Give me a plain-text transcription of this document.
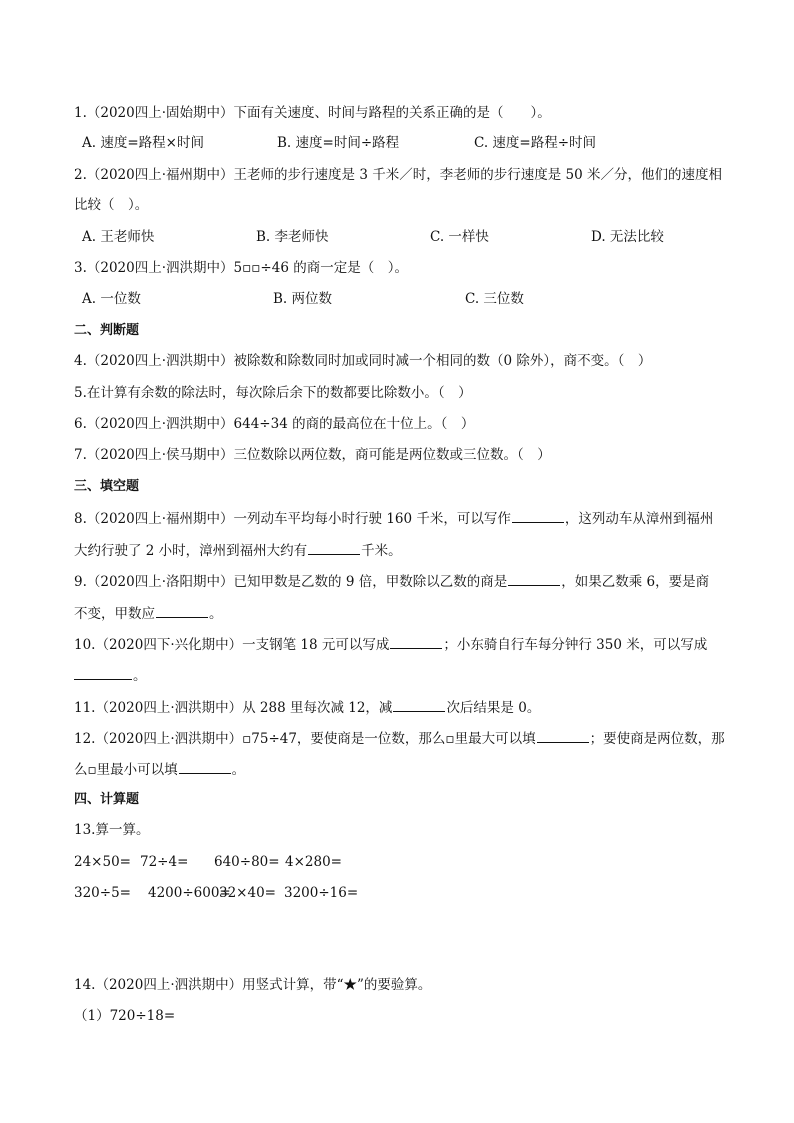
1.（2020四上·固始期中）下面有关速度、时间与路程的关系正确的是（　　）。
A. 速度=路程×时间	B. 速度=时间÷路程	C. 速度=路程÷时间
2.（2020四上·福州期中）王老师的步行速度是 3 千米／时，李老师的步行速度是 50 米／分，他们的速度相
比较（　）。
A. 王老师快	B. 李老师快	C. 一样快	D. 无法比较
3.（2020四上·泗洪期中）5▫▫÷46 的商一定是（　）。
A. 一位数	B. 两位数	C. 三位数
二、判断题
4.（2020四上·泗洪期中）被除数和除数同时加或同时减一个相同的数（0 除外），商不变。（　）
5.在计算有余数的除法时，每次除后余下的数都要比除数小。（　）
6.（2020四上·泗洪期中）644÷34 的商的最高位在十位上。（　）
7.（2020四上·侯马期中）三位数除以两位数，商可能是两位数或三位数。（　）
三、填空题
8.（2020四上·福州期中）一列动车平均每小时行驶 160 千米，可以写作	，这列动车从漳州到福州
大约行驶了 2 小时，漳州到福州大约有	千米。
9.（2020四上·洛阳期中）已知甲数是乙数的 9 倍，甲数除以乙数的商是	，如果乙数乘 6，要是商
不变，甲数应	。
10.（2020四下·兴化期中）一支钢笔 18 元可以写成	；小东骑自行车每分钟行 350 米，可以写成
。
11.（2020四上·泗洪期中）从 288 里每次减 12，减	次后结果是 0。
12.（2020四上·泗洪期中）▫75÷47，要使商是一位数，那么▫里最大可以填	；要使商是两位数，那
么▫里最小可以填	。
四、计算题
13.算一算。
24×50= 72÷4= 640÷80= 4×280=
320÷5= 4200÷600=
32×40= 3200÷16=
14.（2020四上·泗洪期中）用竖式计算，带“★”的要验算。
（1）720÷18=
